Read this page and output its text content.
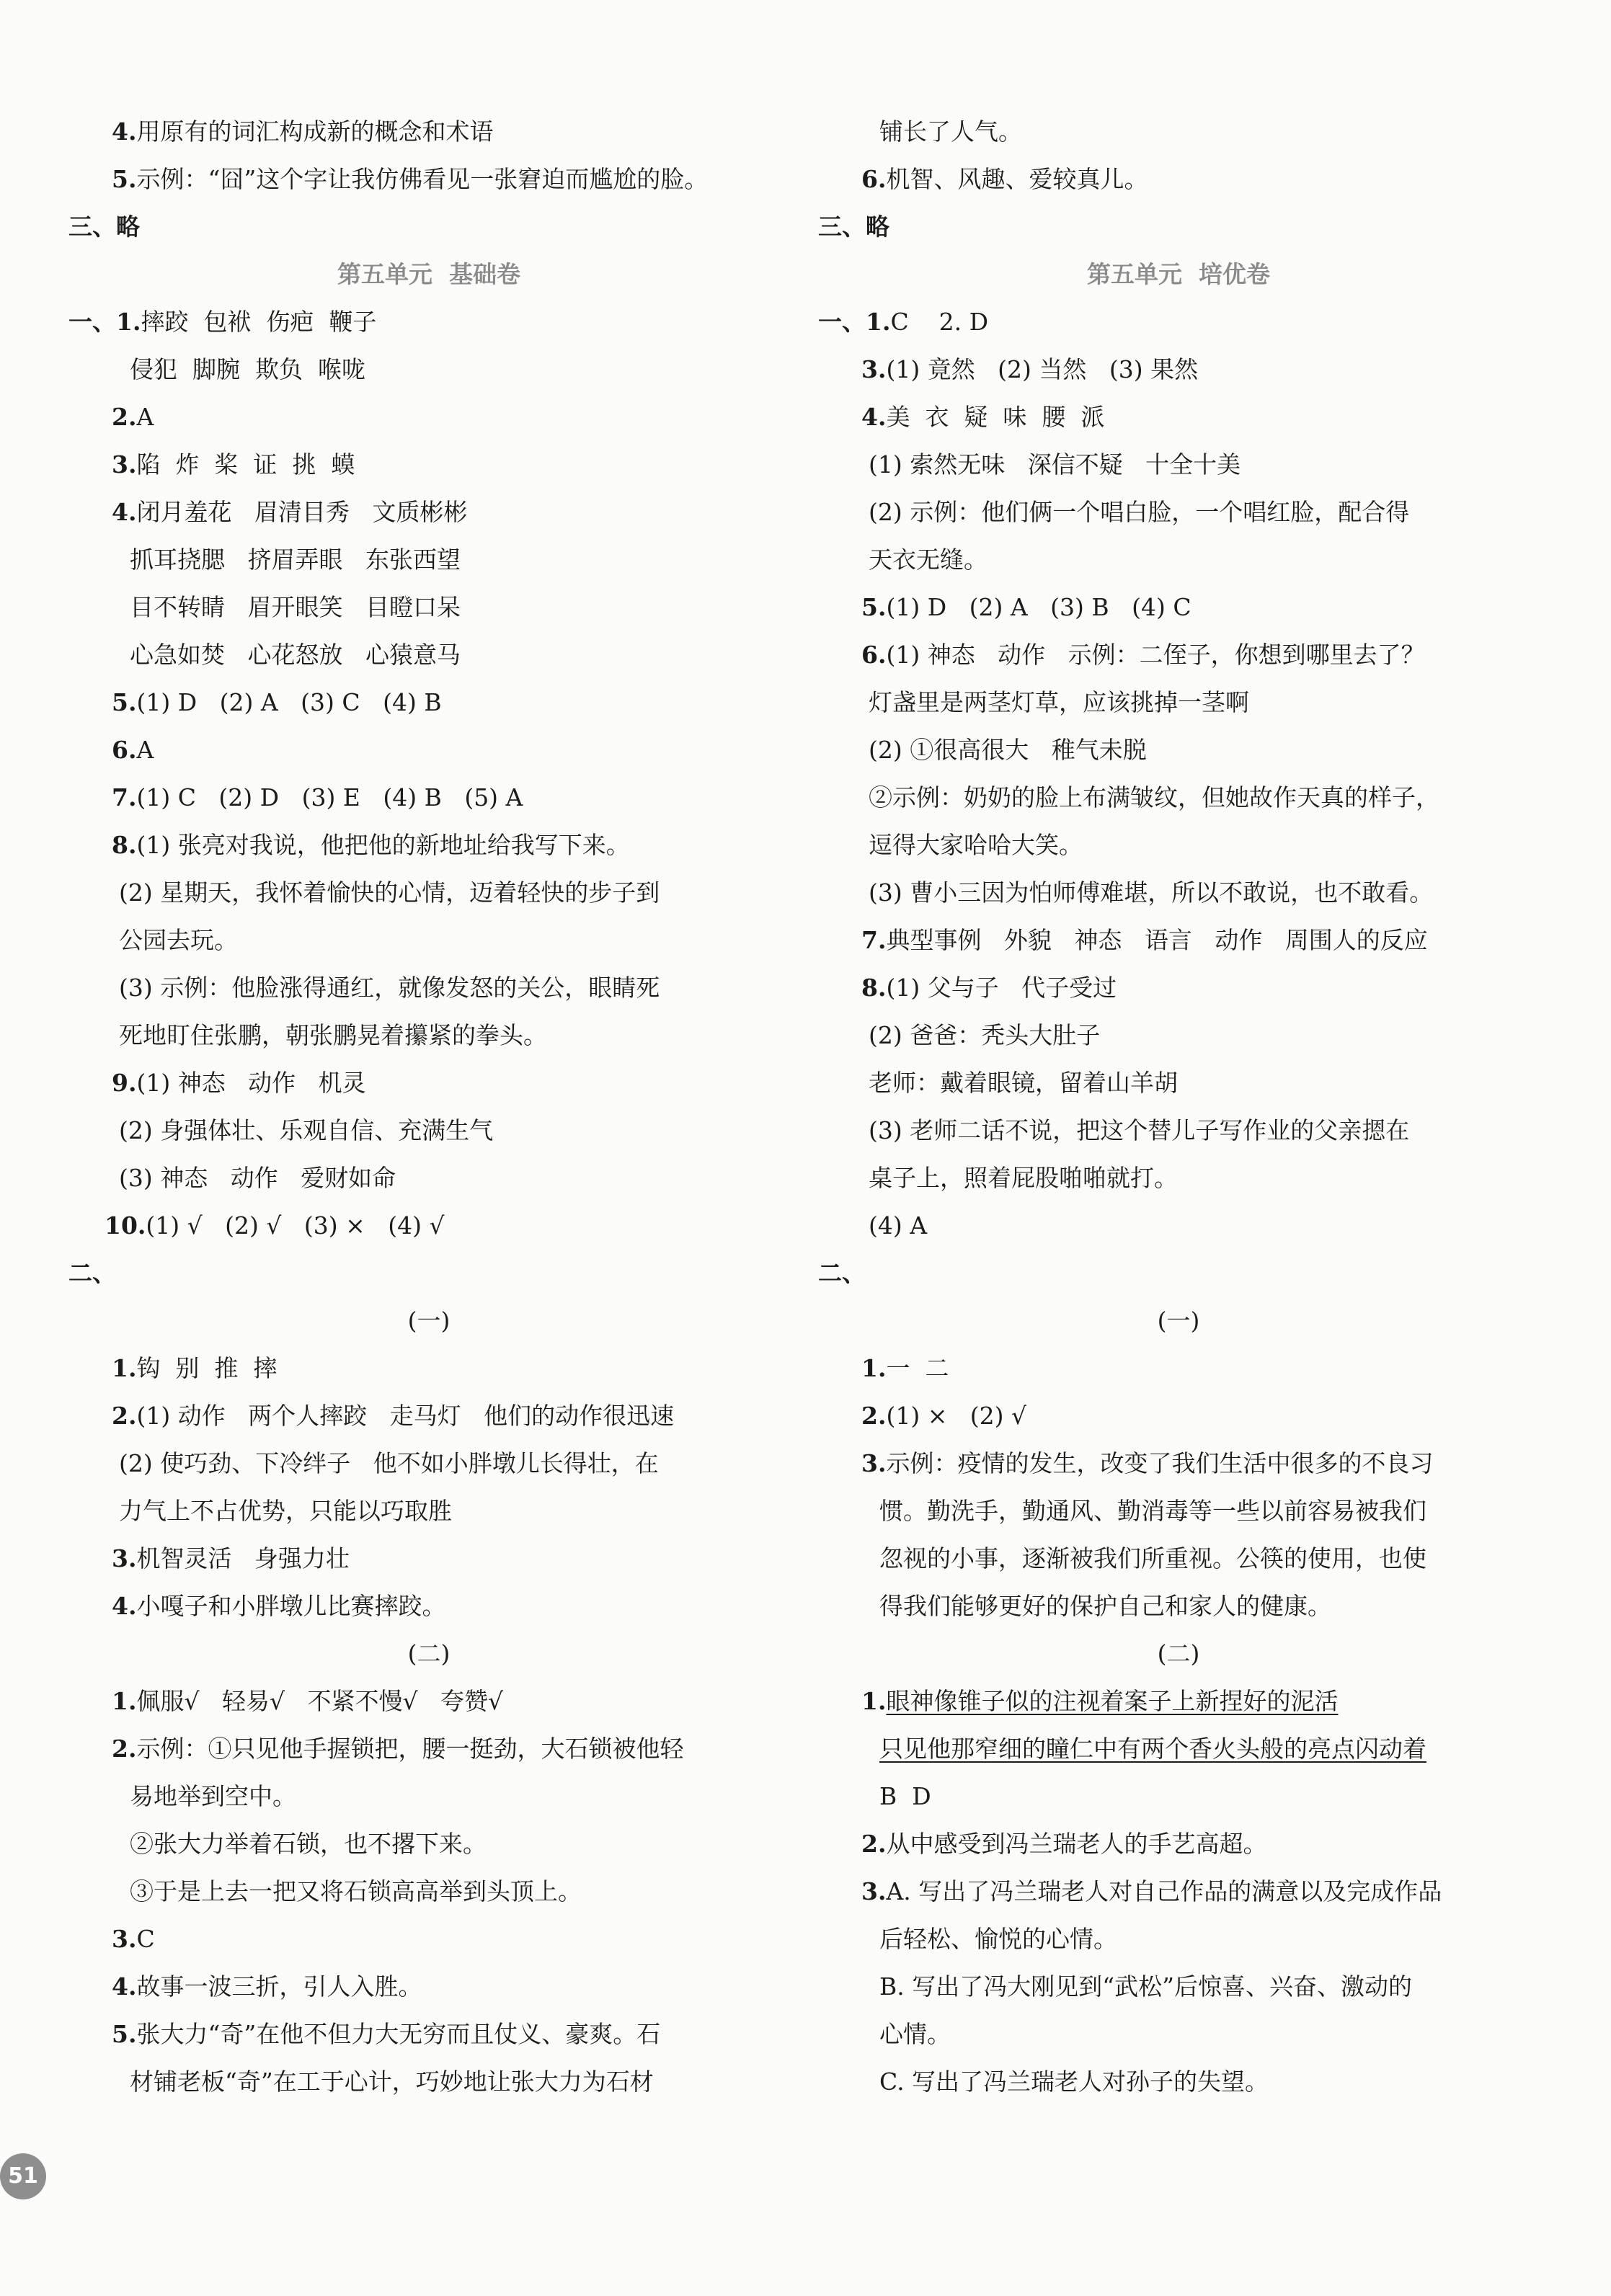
4.用原有的词汇构成新的概念和术语
5.示例：“囧”这个字让我仿佛看见一张窘迫而尴尬的脸。
三、略
第五单元  基础卷
一、1.摔跤  包袱  伤疤  鞭子
侵犯  脚腕  欺负  喉咙
2.A
3.陷  炸  桨  证  挑  蟆
4.闭月羞花   眉清目秀   文质彬彬
抓耳挠腮   挤眉弄眼   东张西望
目不转睛   眉开眼笑   目瞪口呆
心急如焚   心花怒放   心猿意马
5.(1) D   (2) A   (3) C   (4) B
6.A
7.(1) C   (2) D   (3) E   (4) B   (5) A
8.(1) 张亮对我说，他把他的新地址给我写下来。
(2) 星期天，我怀着愉快的心情，迈着轻快的步子到
公园去玩。
(3) 示例：他脸涨得通红，就像发怒的关公，眼睛死
死地盯住张鹏，朝张鹏晃着攥紧的拳头。
9.(1) 神态   动作   机灵
(2) 身强体壮、乐观自信、充满生气
(3) 神态   动作   爱财如命
10.(1) √   (2) √   (3) ×   (4) √
二、
(一)
1.钩  别  推  摔
2.(1) 动作   两个人摔跤   走马灯   他们的动作很迅速
(2) 使巧劲、下冷绊子   他不如小胖墩儿长得壮，在
力气上不占优势，只能以巧取胜
3.机智灵活   身强力壮
4.小嘎子和小胖墩儿比赛摔跤。
(二)
1.佩服√   轻易√   不紧不慢√   夸赞√
2.示例：①只见他手握锁把，腰一挺劲，大石锁被他轻
易地举到空中。
②张大力举着石锁，也不撂下来。
③于是上去一把又将石锁高高举到头顶上。
3.C
4.故事一波三折，引人入胜。
5.张大力“奇”在他不但力大无穷而且仗义、豪爽。石
材铺老板“奇”在工于心计，巧妙地让张大力为石材
铺长了人气。
6.机智、风趣、爱较真儿。
三、略
第五单元  培优卷
一、1.C    2. D
3.(1) 竟然   (2) 当然   (3) 果然
4.美  衣  疑  味  腰  派
(1) 索然无味   深信不疑   十全十美
(2) 示例：他们俩一个唱白脸，一个唱红脸，配合得
天衣无缝。
5.(1) D   (2) A   (3) B   (4) C
6.(1) 神态   动作   示例：二侄子，你想到哪里去了？
灯盏里是两茎灯草，应该挑掉一茎啊
(2) ①很高很大   稚气未脱
②示例：奶奶的脸上布满皱纹，但她故作天真的样子，
逗得大家哈哈大笑。
(3) 曹小三因为怕师傅难堪，所以不敢说，也不敢看。
7.典型事例   外貌   神态   语言   动作   周围人的反应
8.(1) 父与子   代子受过
(2) 爸爸：秃头大肚子
老师：戴着眼镜，留着山羊胡
(3) 老师二话不说，把这个替儿子写作业的父亲摁在
桌子上，照着屁股啪啪就打。
(4) A
二、
(一)
1.一  二
2.(1) ×   (2) √
3.示例：疫情的发生，改变了我们生活中很多的不良习
惯。勤洗手，勤通风、勤消毒等一些以前容易被我们
忽视的小事，逐渐被我们所重视。公筷的使用，也使
得我们能够更好的保护自己和家人的健康。
(二)
1.眼神像锥子似的注视着案子上新捏好的泥活
只见他那窄细的瞳仁中有两个香火头般的亮点闪动着
B  D
2.从中感受到冯兰瑞老人的手艺高超。
3.A. 写出了冯兰瑞老人对自己作品的满意以及完成作品
后轻松、愉悦的心情。
B. 写出了冯大刚见到“武松”后惊喜、兴奋、激动的
心情。
C. 写出了冯兰瑞老人对孙子的失望。
51
